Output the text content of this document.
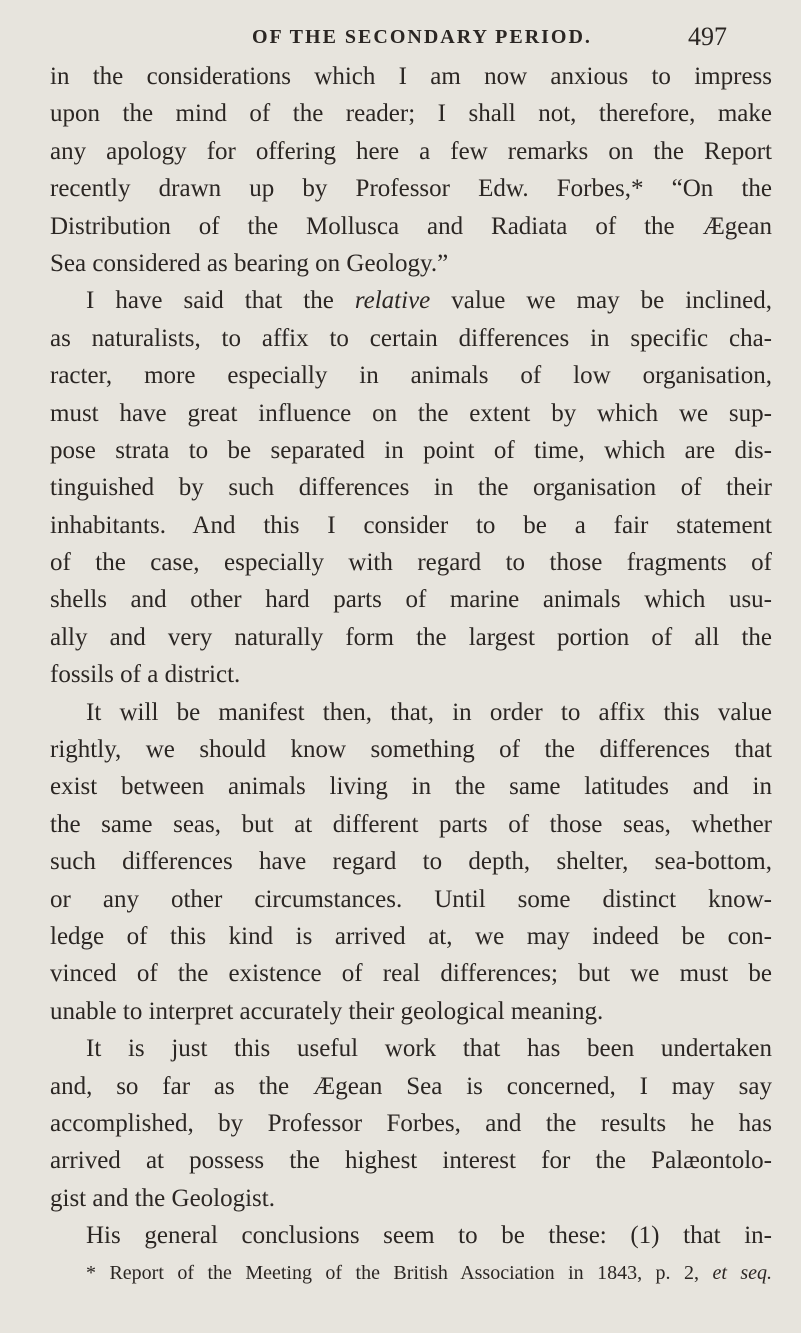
OF THE SECONDARY PERIOD.	497
in the considerations which I am now anxious to impress
upon the mind of the reader; I shall not, therefore, make
any apology for offering here a few remarks on the Report
recently drawn up by Professor Edw. Forbes,* “On the
Distribution of the Mollusca and Radiata of the Ægean
Sea considered as bearing on Geology.”
I have said that the relative value we may be inclined,
as naturalists, to affix to certain differences in specific cha-
racter, more especially in animals of low organisation,
must have great influence on the extent by which we sup-
pose strata to be separated in point of time, which are dis-
tinguished by such differences in the organisation of their
inhabitants. And this I consider to be a fair statement
of the case, especially with regard to those fragments of
shells and other hard parts of marine animals which usu-
ally and very naturally form the largest portion of all the
fossils of a district.
It will be manifest then, that, in order to affix this value
rightly, we should know something of the differences that
exist between animals living in the same latitudes and in
the same seas, but at different parts of those seas, whether
such differences have regard to depth, shelter, sea-bottom,
or any other circumstances. Until some distinct know-
ledge of this kind is arrived at, we may indeed be con-
vinced of the existence of real differences; but we must be
unable to interpret accurately their geological meaning.
It is just this useful work that has been undertaken
and, so far as the Ægean Sea is concerned, I may say
accomplished, by Professor Forbes, and the results he has
arrived at possess the highest interest for the Palæontolo-
gist and the Geologist.
His general conclusions seem to be these: (1) that in-
* Report of the Meeting of the British Association in 1843, p. 2, et seq.
